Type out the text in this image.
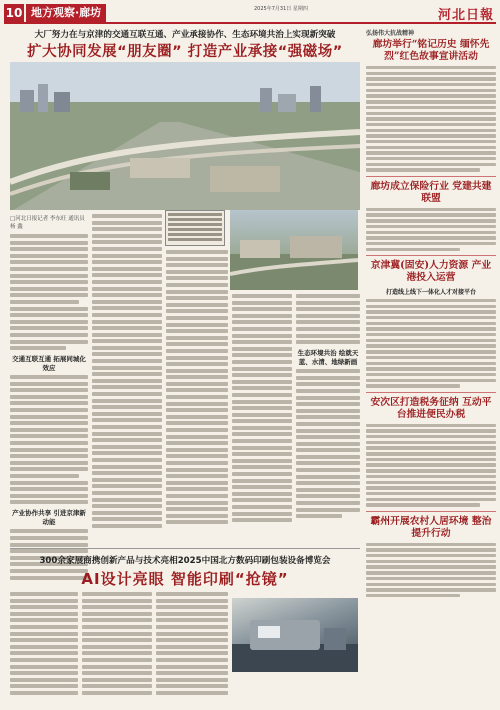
10 地方观察·廊坊	2025年7月31日 星期四	河北日報
大厂努力在与京津的交通互联互通、产业承接协作、生态环境共治上实现新突破
扩大协同发展“朋友圈” 打造产业承接“强磁场”
□河北日报记者 李东旺 通讯员 杨 鑫
交通互联互通 拓展同城化效应
产业协作共享 引进京津新动能
生态环境共治 绘就天蓝、水清、地绿新画
弘扬伟大抗战精神
廊坊举行“铭记历史 缅怀先烈”红色故事宣讲活动
廊坊成立保险行业 党建共建联盟
京津冀(固安)人力资源 产业港投入运营
打造线上线下一体化人才对接平台
安次区打造税务征纳 互动平台推进便民办税
霸州开展农村人居环境 整治提升行动
300余家展商携创新产品与技术亮相2025中国北方数码印刷包装设备博览会
AI设计亮眼 智能印刷“抢镜”
